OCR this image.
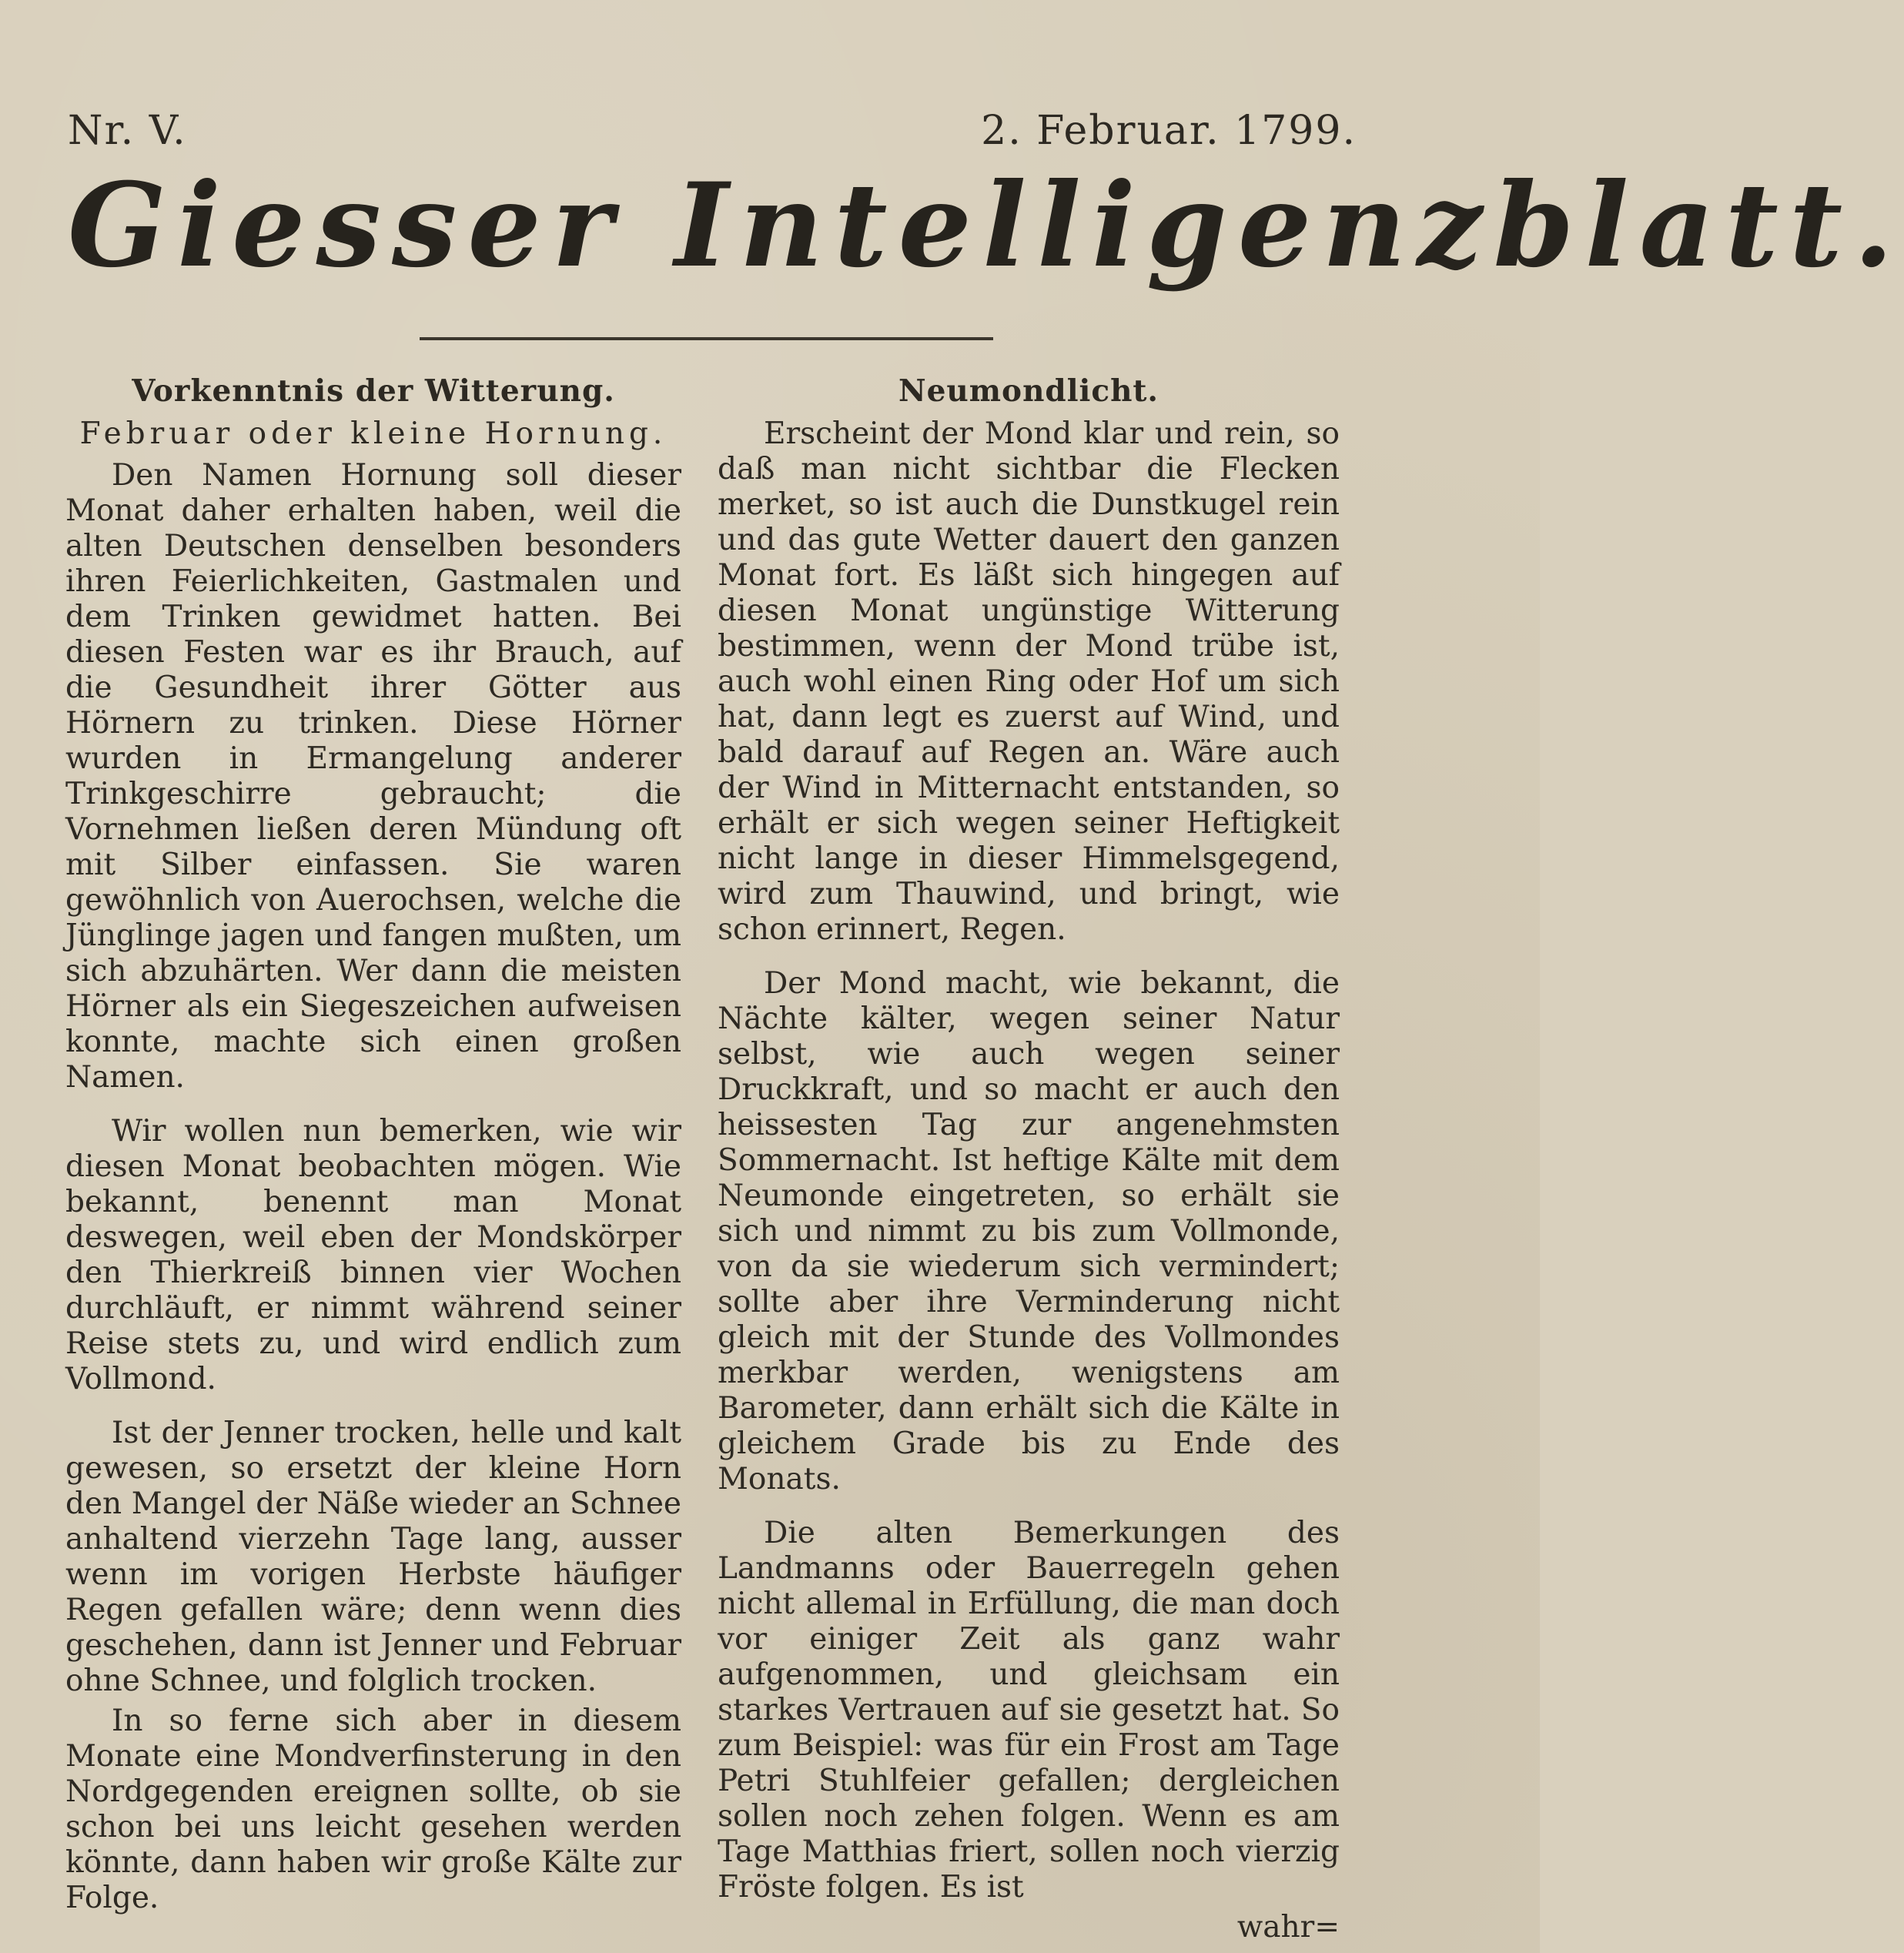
Nr. V.	2. Februar. 1799.
Giesser Intelligenzblatt.
Vorkenntnis der Witterung.
Februar oder kleine Hornung.

Den Namen Hornung soll dieser Monat daher erhalten haben, weil die alten Deutschen denselben besonders ihren Feierlichkeiten, Gastmalen und dem Trinken gewidmet hatten. Bei diesen Festen war es ihr Brauch, auf die Gesundheit ihrer Götter aus Hörnern zu trinken. Diese Hörner wurden in Ermangelung anderer Trinkgeschirre gebraucht; die Vornehmen ließen deren Mündung oft mit Silber einfassen. Sie waren gewöhnlich von Auerochsen, welche die Jünglinge jagen und fangen mußten, um sich abzuhärten. Wer dann die meisten Hörner als ein Siegeszeichen aufweisen konnte, machte sich einen großen Namen.

Wir wollen nun bemerken, wie wir diesen Monat beobachten mögen. Wie bekannt, benennt man Monat deswegen, weil eben der Mondskörper den Thierkreiß binnen vier Wochen durchläuft, er nimmt während seiner Reise stets zu, und wird endlich zum Vollmond.

Ist der Jenner trocken, helle und kalt gewesen, so ersetzt der kleine Horn den Mangel der Näße wieder an Schnee anhaltend vierzehn Tage lang, ausser wenn im vorigen Herbste häufiger Regen gefallen wäre; denn wenn dies geschehen, dann ist Jenner und Februar ohne Schnee, und folglich trocken.

In so ferne sich aber in diesem Monate eine Mondverfinsterung in den Nordgegenden ereignen sollte, ob sie schon bei uns leicht gesehen werden könnte, dann haben wir große Kälte zur Folge.

Neumondlicht.

Erscheint der Mond klar und rein, so daß man nicht sichtbar die Flecken merket, so ist auch die Dunstkugel rein und das gute Wetter dauert den ganzen Monat fort. Es läßt sich hingegen auf diesen Monat ungünstige Witterung bestimmen, wenn der Mond trübe ist, auch wohl einen Ring oder Hof um sich hat, dann legt es zuerst auf Wind, und bald darauf auf Regen an. Wäre auch der Wind in Mitternacht entstanden, so erhält er sich wegen seiner Heftigkeit nicht lange in dieser Himmelsgegend, wird zum Thauwind, und bringt, wie schon erinnert, Regen.

Der Mond macht, wie bekannt, die Nächte kälter, wegen seiner Natur selbst, wie auch wegen seiner Druckkraft, und so macht er auch den heissesten Tag zur angenehmsten Sommernacht. Ist heftige Kälte mit dem Neumonde eingetreten, so erhält sie sich und nimmt zu bis zum Vollmonde, von da sie wiederum sich vermindert; sollte aber ihre Verminderung nicht gleich mit der Stunde des Vollmondes merkbar werden, wenigstens am Barometer, dann erhält sich die Kälte in gleichem Grade bis zu Ende des Monats.

Die alten Bemerkungen des Landmanns oder Bauerregeln gehen nicht allemal in Erfüllung, die man doch vor einiger Zeit als ganz wahr aufgenommen, und gleichsam ein starkes Vertrauen auf sie gesetzt hat. So zum Beispiel: was für ein Frost am Tage Petri Stuhlfeier gefallen; dergleichen sollen noch zehen folgen. Wenn es am Tage Matthias friert, sollen noch vierzig Fröste folgen. Es ist

wahr=
